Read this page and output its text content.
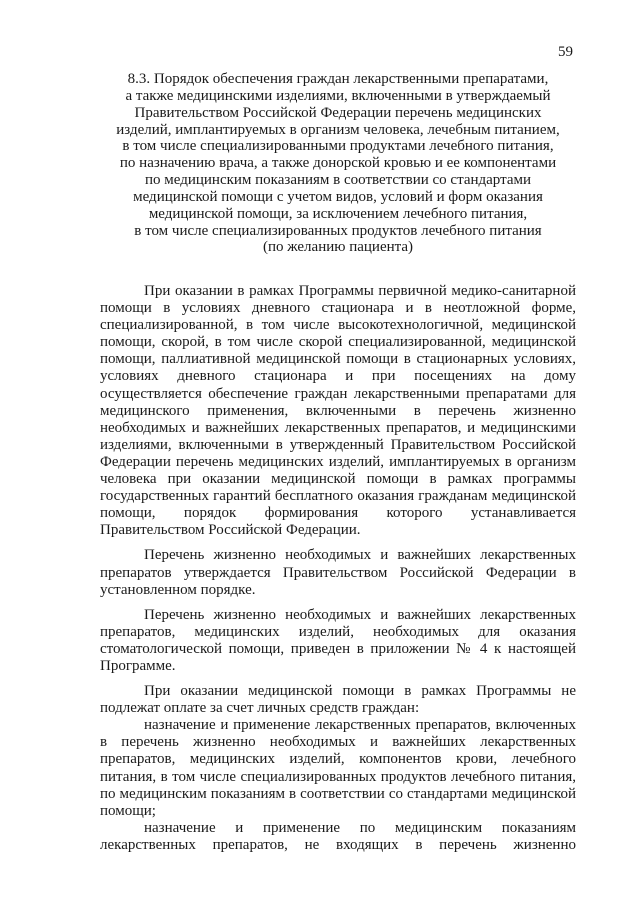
59
8.3. Порядок обеспечения граждан лекарственными препаратами,
а также медицинскими изделиями, включенными в утверждаемый
Правительством Российской Федерации перечень медицинских
изделий, имплантируемых в организм человека, лечебным питанием,
в том числе специализированными продуктами лечебного питания,
по назначению врача, а также донорской кровью и ее компонентами
по медицинским показаниям в соответствии со стандартами
медицинской помощи с учетом видов, условий и форм оказания
медицинской помощи, за исключением лечебного питания,
в том числе специализированных продуктов лечебного питания
(по желанию пациента)

При оказании в рамках Программы первичной медико-санитарной помощи в условиях дневного стационара и в неотложной форме, специализированной, в том числе высокотехнологичной, медицинской помощи, скорой, в том числе скорой специализированной, медицинской помощи, паллиативной медицинской помощи в стационарных условиях, условиях дневного стационара и при посещениях на дому осуществляется обеспечение граждан лекарственными препаратами для медицинского применения, включенными в перечень жизненно необходимых и важнейших лекарственных препаратов, и медицинскими изделиями, включенными в утвержденный Правительством Российской Федерации перечень медицинских изделий, имплантируемых в организм человека при оказании медицинской помощи в рамках программы государственных гарантий бесплатного оказания гражданам медицинской помощи, порядок формирования которого устанавливается Правительством Российской Федерации.

Перечень жизненно необходимых и важнейших лекарственных препаратов утверждается Правительством Российской Федерации в установленном порядке.

Перечень жизненно необходимых и важнейших лекарственных препаратов, медицинских изделий, необходимых для оказания стоматологической помощи, приведен в приложении № 4 к настоящей Программе.

При оказании медицинской помощи в рамках Программы не подлежат оплате за счет личных средств граждан:

назначение и применение лекарственных препаратов, включенных в перечень жизненно необходимых и важнейших лекарственных препаратов, медицинских изделий, компонентов крови, лечебного питания, в том числе специализированных продуктов лечебного питания, по медицинским показаниям в соответствии со стандартами медицинской помощи;

назначение и применение по медицинским показаниям лекарственных препаратов, не входящих в перечень жизненно
